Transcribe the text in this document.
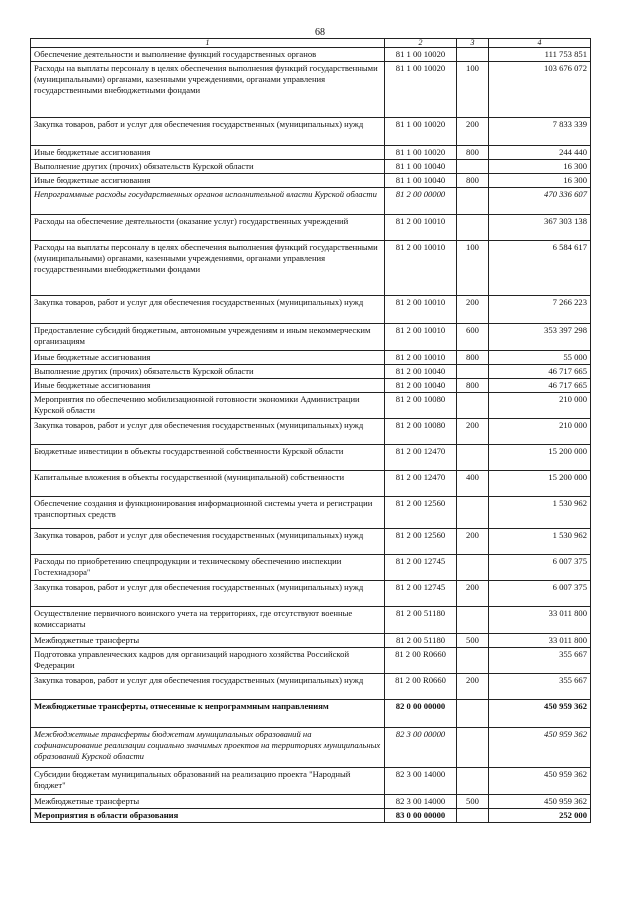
68
1	2	3	4
Обеспечение деятельности и выполнение функций государственных органов	81 1 00 10020		111 753 851
Расходы на выплаты персоналу в целях обеспечения выполнения функций государственными (муниципальными) органами, казенными учреждениями, органами управления государственными внебюджетными фондами	81 1 00 10020	100	103 676 072
Закупка товаров, работ и услуг для обеспечения государственных (муниципальных) нужд	81 1 00 10020	200	7 833 339
Иные бюджетные ассигнования	81 1 00 10020	800	244 440
Выполнение других (прочих) обязательств Курской области	81 1 00 10040		16 300
Иные бюджетные ассигнования	81 1 00 10040	800	16 300
Непрограммные расходы государственных органов исполнительной власти Курской области	81 2 00 00000		470 336 607
Расходы на обеспечение деятельности (оказание услуг) государственных учреждений	81 2 00 10010		367 303 138
Расходы на выплаты персоналу в целях обеспечения выполнения функций государственными (муниципальными) органами, казенными учреждениями, органами управления государственными внебюджетными фондами	81 2 00 10010	100	6 584 617
Закупка товаров, работ и услуг для обеспечения государственных (муниципальных) нужд	81 2 00 10010	200	7 266 223
Предоставление субсидий бюджетным, автономным учреждениям и иным некоммерческим организациям	81 2 00 10010	600	353 397 298
Иные бюджетные ассигнования	81 2 00 10010	800	55 000
Выполнение других (прочих) обязательств Курской области	81 2 00 10040		46 717 665
Иные бюджетные ассигнования	81 2 00 10040	800	46 717 665
Мероприятия по обеспечению мобилизационной готовности экономики Администрации Курской области	81 2 00 10080		210 000
Закупка товаров, работ и услуг для обеспечения государственных (муниципальных) нужд	81 2 00 10080	200	210 000
Бюджетные инвестиции в объекты государственной собственности Курской области	81 2 00 12470		15 200 000
Капитальные вложения в объекты государственной (муниципальной) собственности	81 2 00 12470	400	15 200 000
Обеспечение создания и функционирования информационной системы учета и регистрации транспортных средств	81 2 00 12560		1 530 962
Закупка товаров, работ и услуг для обеспечения государственных (муниципальных) нужд	81 2 00 12560	200	1 530 962
Расходы по приобретению спецпродукции и техническому обеспечению инспекции Гостехнадзора"	81 2 00 12745		6 007 375
Закупка товаров, работ и услуг для обеспечения государственных (муниципальных) нужд	81 2 00 12745	200	6 007 375
Осуществление первичного воинского учета на территориях, где отсутствуют военные комиссариаты	81 2 00 51180		33 011 800
Межбюджетные трансферты	81 2 00 51180	500	33 011 800
Подготовка управленческих кадров для организаций народного хозяйства Российской Федерации	81 2 00 R0660		355 667
Закупка товаров, работ и услуг для обеспечения государственных (муниципальных) нужд	81 2 00 R0660	200	355 667
Межбюджетные трансферты, отнесенные к непрограммным направлениям	82 0 00 00000		450 959 362
Межбюджетные трансферты бюджетам муниципальных образований на софинансирование реализации социально значимых проектов на территориях муниципальных образований Курской области	82 3 00 00000		450 959 362
Субсидии бюджетам муниципальных образований на реализацию проекта "Народный бюджет"	82 3 00 14000		450 959 362
Межбюджетные трансферты	82 3 00 14000	500	450 959 362
Мероприятия в области образования	83 0 00 00000		252 000
